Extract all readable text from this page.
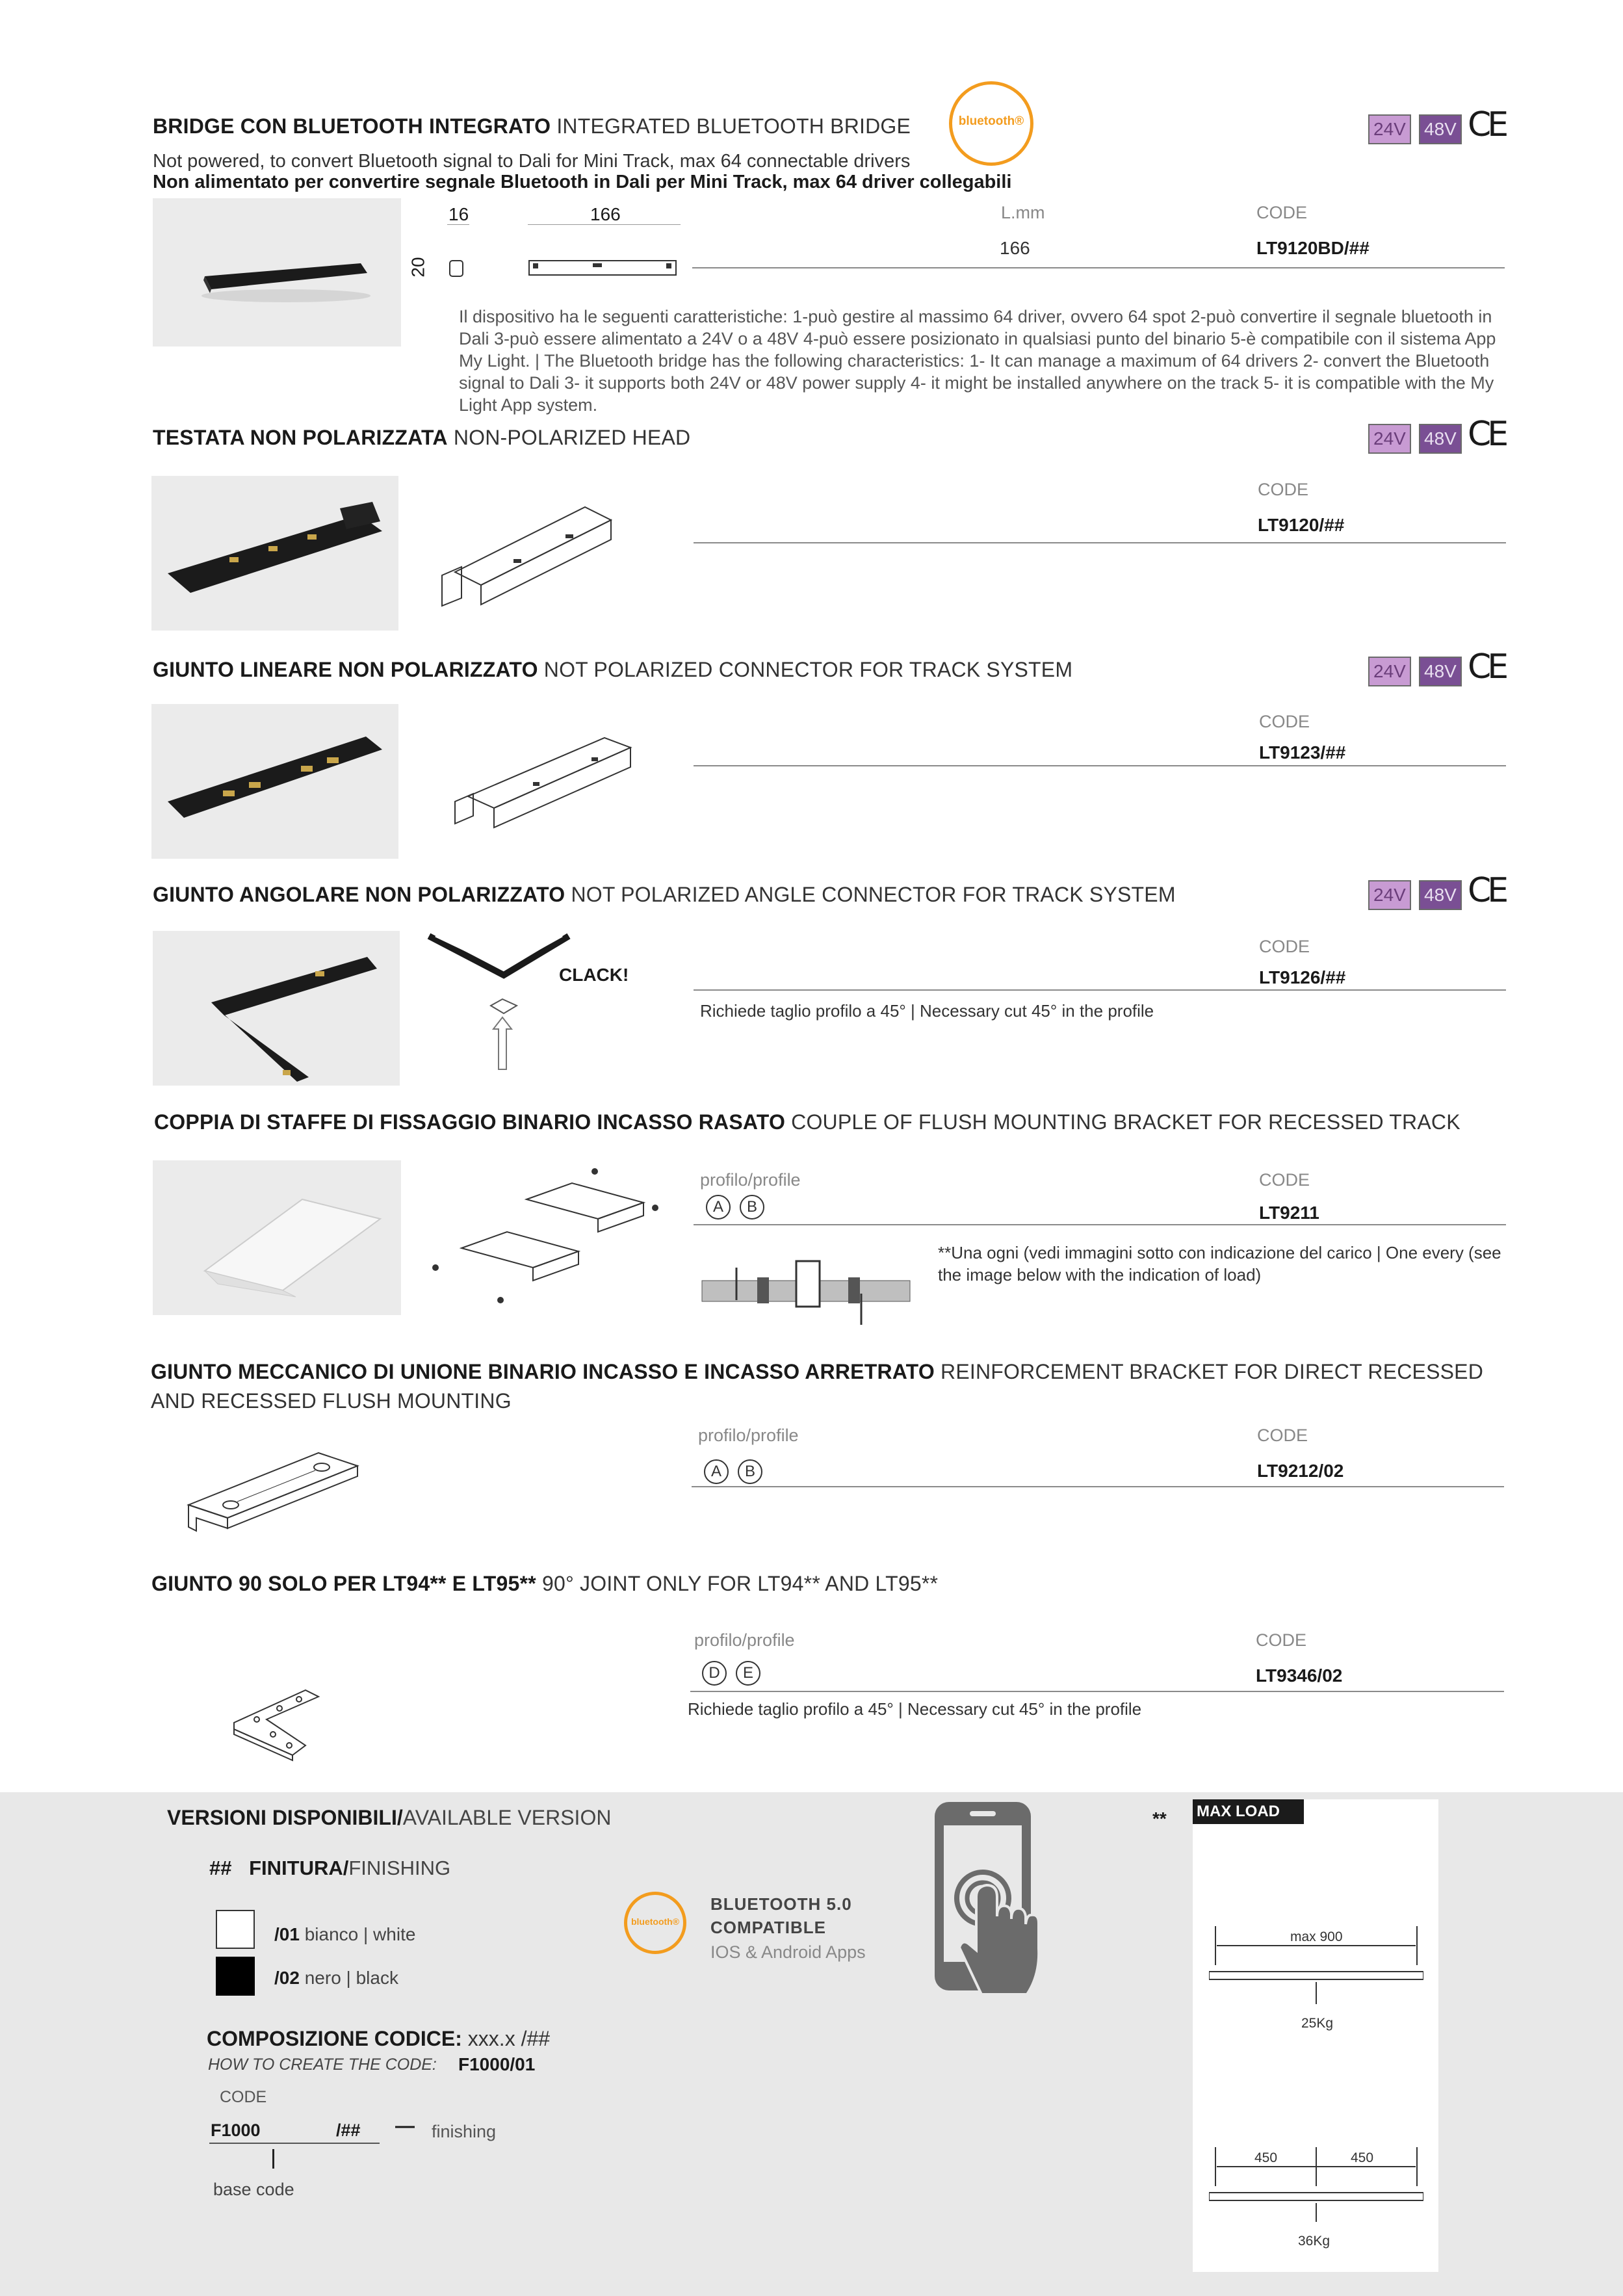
BRIDGE CON BLUETOOTH INTEGRATO INTEGRATED BLUETOOTH BRIDGE	bluetooth®	24V 48V CE
Not powered, to convert Bluetooth signal to Dali for Mini Track, max 64 connectable drivers
Non alimentato per convertire segnale Bluetooth in Dali per Mini Track, max 64 driver collegabili
16	166
20
L.mm	CODE
166	LT9120BD/##
Il dispositivo ha le seguenti caratteristiche: 1-può gestire al massimo 64 driver, ovvero 64 spot 2-può convertire il segnale bluetooth in Dali 3-può essere alimentato a 24V o a 48V 4-può essere posizionato in qualsiasi punto del binario 5-è compatibile con il sistema App My Light. | The Bluetooth bridge has the following characteristics: 1- It can manage a maximum of 64 drivers 2- convert the Bluetooth signal to Dali 3- it supports both 24V or 48V power supply 4- it might be installed anywhere on the track 5- it is compatible with the My Light App system.
TESTATA NON POLARIZZATA NON-POLARIZED HEAD	24V 48V CE
CODE
LT9120/##
GIUNTO LINEARE NON POLARIZZATO NOT POLARIZED CONNECTOR FOR TRACK SYSTEM	24V 48V CE
CODE
LT9123/##
GIUNTO ANGOLARE NON POLARIZZATO NOT POLARIZED ANGLE CONNECTOR FOR TRACK SYSTEM	24V 48V CE
CLACK!
CODE
LT9126/##
Richiede taglio profilo a 45° | Necessary cut 45° in the profile
COPPIA DI STAFFE DI FISSAGGIO BINARIO INCASSO RASATO COUPLE OF FLUSH MOUNTING BRACKET FOR RECESSED TRACK
profilo/profile	CODE
A B	LT9211
**Una ogni (vedi immagini sotto con indicazione del carico | One every (see the image below with the indication of load)
GIUNTO MECCANICO DI UNIONE BINARIO INCASSO E INCASSO ARRETRATO REINFORCEMENT BRACKET FOR DIRECT RECESSED
AND RECESSED FLUSH MOUNTING
profilo/profile	CODE
A B	LT9212/02
GIUNTO 90 SOLO PER LT94** E LT95** 90° JOINT ONLY FOR LT94** AND LT95**
profilo/profile	CODE
D E	LT9346/02
Richiede taglio profilo a 45° | Necessary cut 45° in the profile
VERSIONI DISPONIBILI/AVAILABLE VERSION
## FINITURA/FINISHING
/01 bianco | white
/02 nero | black
COMPOSIZIONE CODICE: xxx.x /##
HOW TO CREATE THE CODE: F1000/01
CODE
F1000	/## — finishing
base code
bluetooth®
BLUETOOTH 5.0
COMPATIBLE
IOS & Android Apps
** MAX LOAD
max 900
25Kg
450	450
36Kg
